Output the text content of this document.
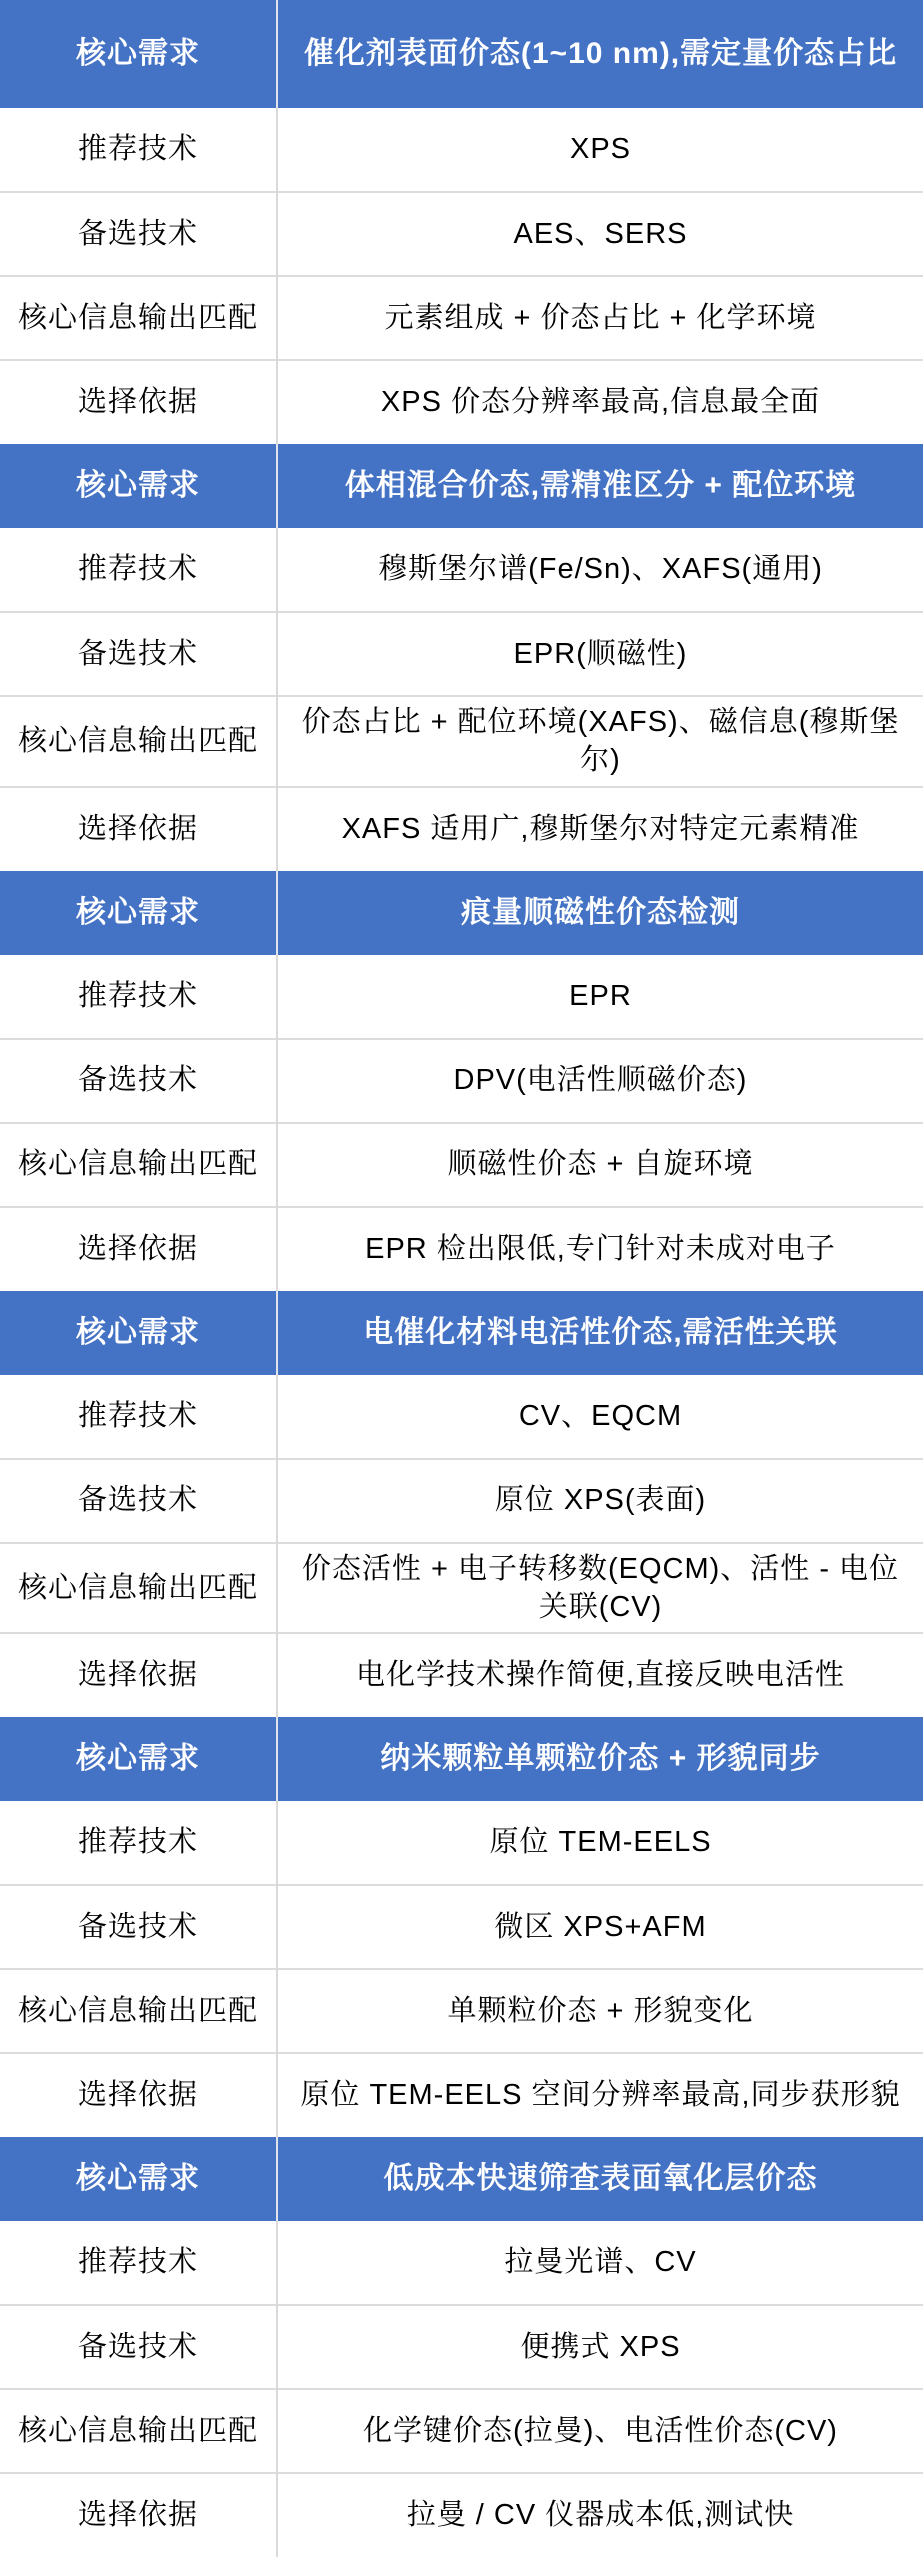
核心需求	催化剂表面价态(1~10 nm),需定量价态占比
推荐技术	XPS
备选技术	AES、SERS
核心信息输出匹配	元素组成 + 价态占比 + 化学环境
选择依据	XPS 价态分辨率最高,信息最全面
核心需求	体相混合价态,需精准区分 + 配位环境
推荐技术	穆斯堡尔谱(Fe/Sn)、XAFS(通用)
备选技术	EPR(顺磁性)
核心信息输出匹配	价态占比 + 配位环境(XAFS)、磁信息(穆斯堡尔)
选择依据	XAFS 适用广,穆斯堡尔对特定元素精准
核心需求	痕量顺磁性价态检测
推荐技术	EPR
备选技术	DPV(电活性顺磁价态)
核心信息输出匹配	顺磁性价态 + 自旋环境
选择依据	EPR 检出限低,专门针对未成对电子
核心需求	电催化材料电活性价态,需活性关联
推荐技术	CV、EQCM
备选技术	原位 XPS(表面)
核心信息输出匹配	价态活性 + 电子转移数(EQCM)、活性 - 电位关联(CV)
选择依据	电化学技术操作简便,直接反映电活性
核心需求	纳米颗粒单颗粒价态 + 形貌同步
推荐技术	原位 TEM-EELS
备选技术	微区 XPS+AFM
核心信息输出匹配	单颗粒价态 + 形貌变化
选择依据	原位 TEM-EELS 空间分辨率最高,同步获形貌
核心需求	低成本快速筛查表面氧化层价态
推荐技术	拉曼光谱、CV
备选技术	便携式 XPS
核心信息输出匹配	化学键价态(拉曼)、电活性价态(CV)
选择依据	拉曼 / CV 仪器成本低,测试快
